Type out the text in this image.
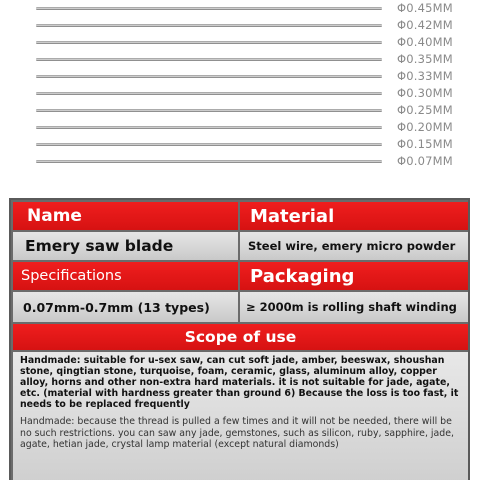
Φ0.45MM
Φ0.42MM
Φ0.40MM
Φ0.35MM
Φ0.33MM
Φ0.30MM
Φ0.25MM
Φ0.20MM
Φ0.15MM
Φ0.07MM
Name	Material
Emery saw blade	Steel wire, emery micro powder
Specifications	Packaging
0.07mm-0.7mm (13 types)	≥ 2000m is rolling shaft winding
Scope of use

Handmade: suitable for u-sex saw, can cut soft jade, amber, beeswax, shoushan stone, qingtian stone, turquoise, foam, ceramic, glass, aluminum alloy, copper alloy, horns and other non-extra hard materials. it is not suitable for jade, agate, etc. (material with hardness greater than ground 6) Because the loss is too fast, it needs to be replaced frequently

Handmade: because the thread is pulled a few times and it will not be needed, there will be no such restrictions. you can saw any jade, gemstones, such as silicon, ruby, sapphire, jade, agate, hetian jade, crystal lamp material (except natural diamonds)
